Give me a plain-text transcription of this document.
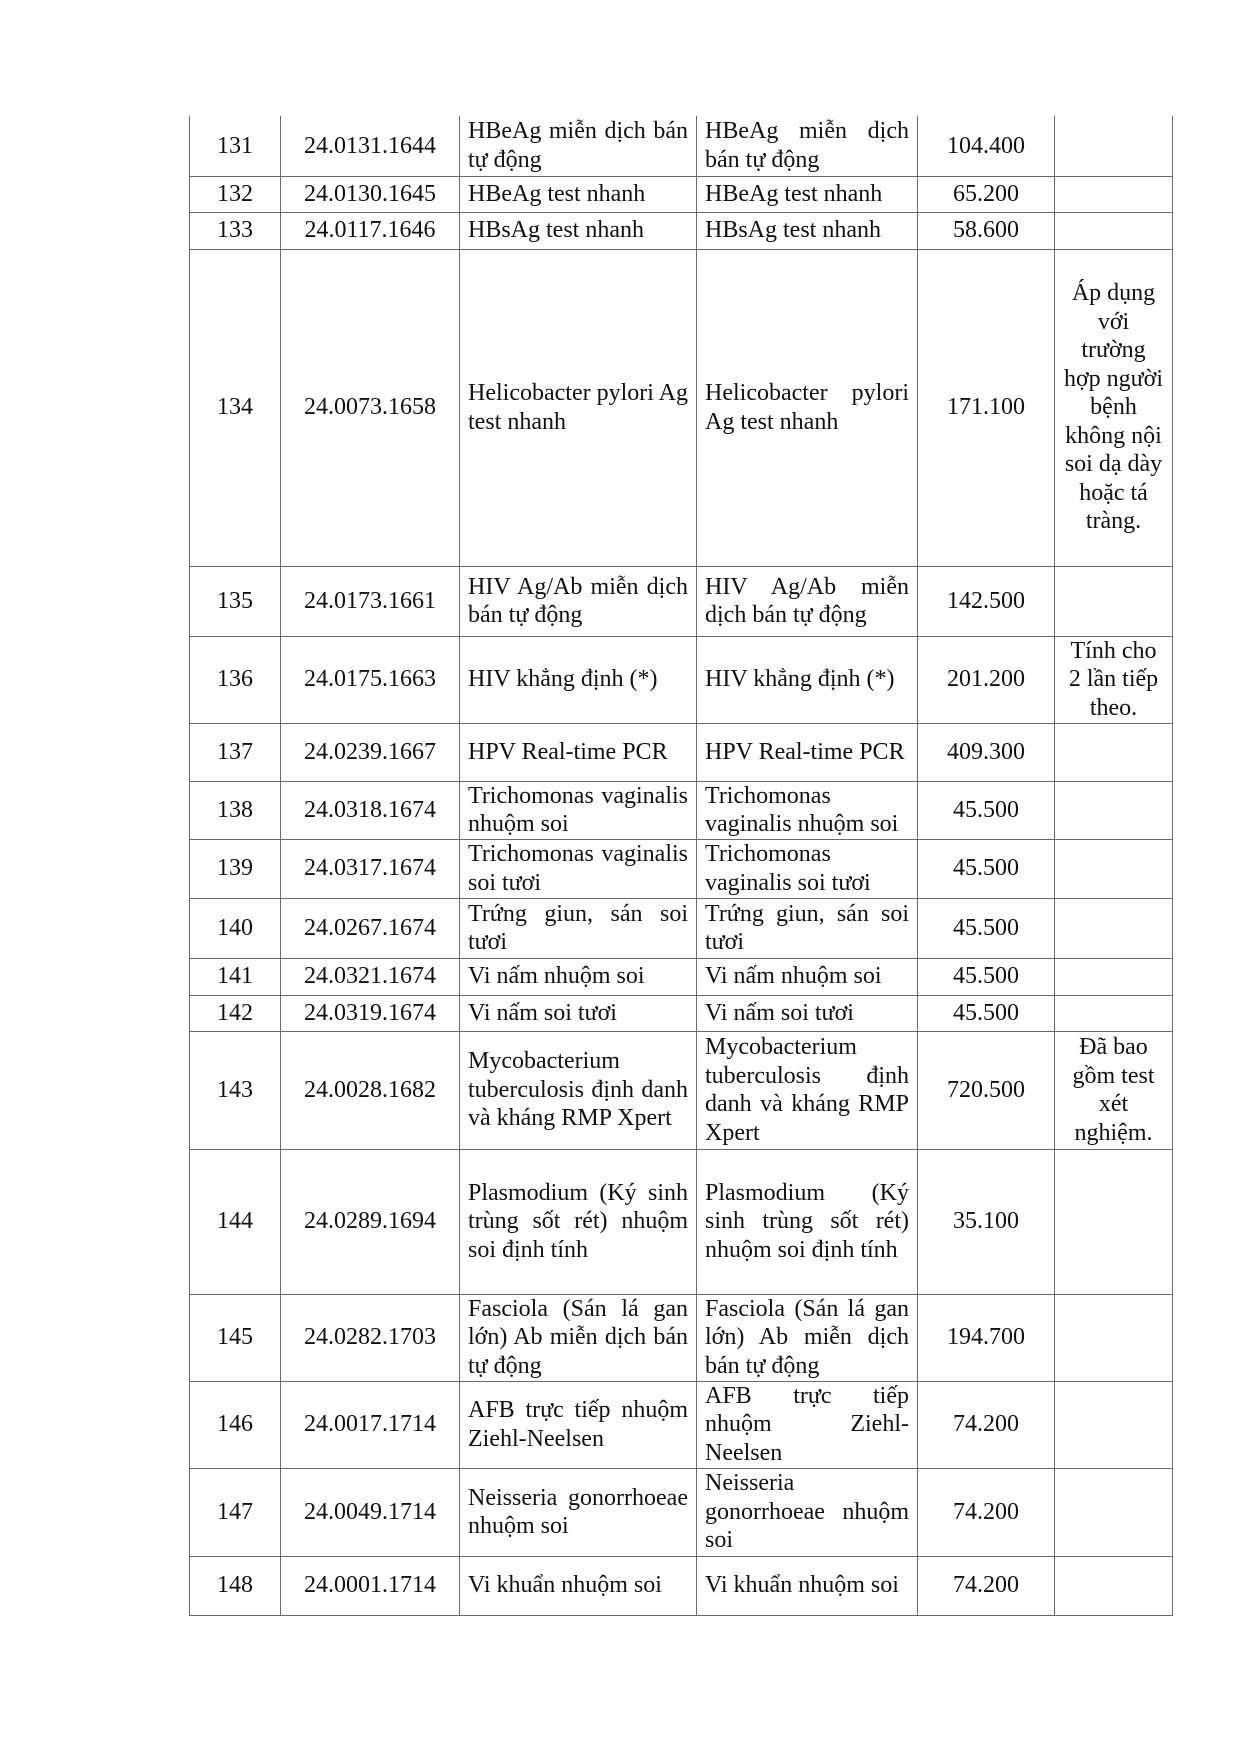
131	24.0131.1644	HBeAg miễn dịch bán tự động	HBeAg miễn dịch bán tự động	104.400	
132	24.0130.1645	HBeAg test nhanh	HBeAg test nhanh	65.200	
133	24.0117.1646	HBsAg test nhanh	HBsAg test nhanh	58.600	
134	24.0073.1658	Helicobacter pylori Ag test nhanh	Helicobacter pylori Ag test nhanh	171.100	Áp dụng với trường hợp người bệnh không nội soi dạ dày hoặc tá tràng.
135	24.0173.1661	HIV Ag/Ab miễn dịch bán tự động	HIV Ag/Ab miễn dịch bán tự động	142.500	
136	24.0175.1663	HIV khẳng định (*)	HIV khẳng định (*)	201.200	Tính cho 2 lần tiếp theo.
137	24.0239.1667	HPV Real-time PCR	HPV Real-time PCR	409.300	
138	24.0318.1674	Trichomonas vaginalis nhuộm soi	Trichomonas vaginalis nhuộm soi	45.500	
139	24.0317.1674	Trichomonas vaginalis soi tươi	Trichomonas vaginalis soi tươi	45.500	
140	24.0267.1674	Trứng giun, sán soi tươi	Trứng giun, sán soi tươi	45.500	
141	24.0321.1674	Vi nấm nhuộm soi	Vi nấm nhuộm soi	45.500	
142	24.0319.1674	Vi nấm soi tươi	Vi nấm soi tươi	45.500	
143	24.0028.1682	Mycobacterium tuberculosis định danh và kháng RMP Xpert	Mycobacterium tuberculosis định danh và kháng RMP Xpert	720.500	Đã bao gồm test xét nghiệm.
144	24.0289.1694	Plasmodium (Ký sinh trùng sốt rét) nhuộm soi định tính	Plasmodium (Ký sinh trùng sốt rét) nhuộm soi định tính	35.100	
145	24.0282.1703	Fasciola (Sán lá gan lớn) Ab miễn dịch bán tự động	Fasciola (Sán lá gan lớn) Ab miễn dịch bán tự động	194.700	
146	24.0017.1714	AFB trực tiếp nhuộm Ziehl-Neelsen	AFB trực tiếp nhuộm Ziehl-Neelsen	74.200	
147	24.0049.1714	Neisseria gonorrhoeae nhuộm soi	Neisseria gonorrhoeae nhuộm soi	74.200	
148	24.0001.1714	Vi khuẩn nhuộm soi	Vi khuẩn nhuộm soi	74.200	
